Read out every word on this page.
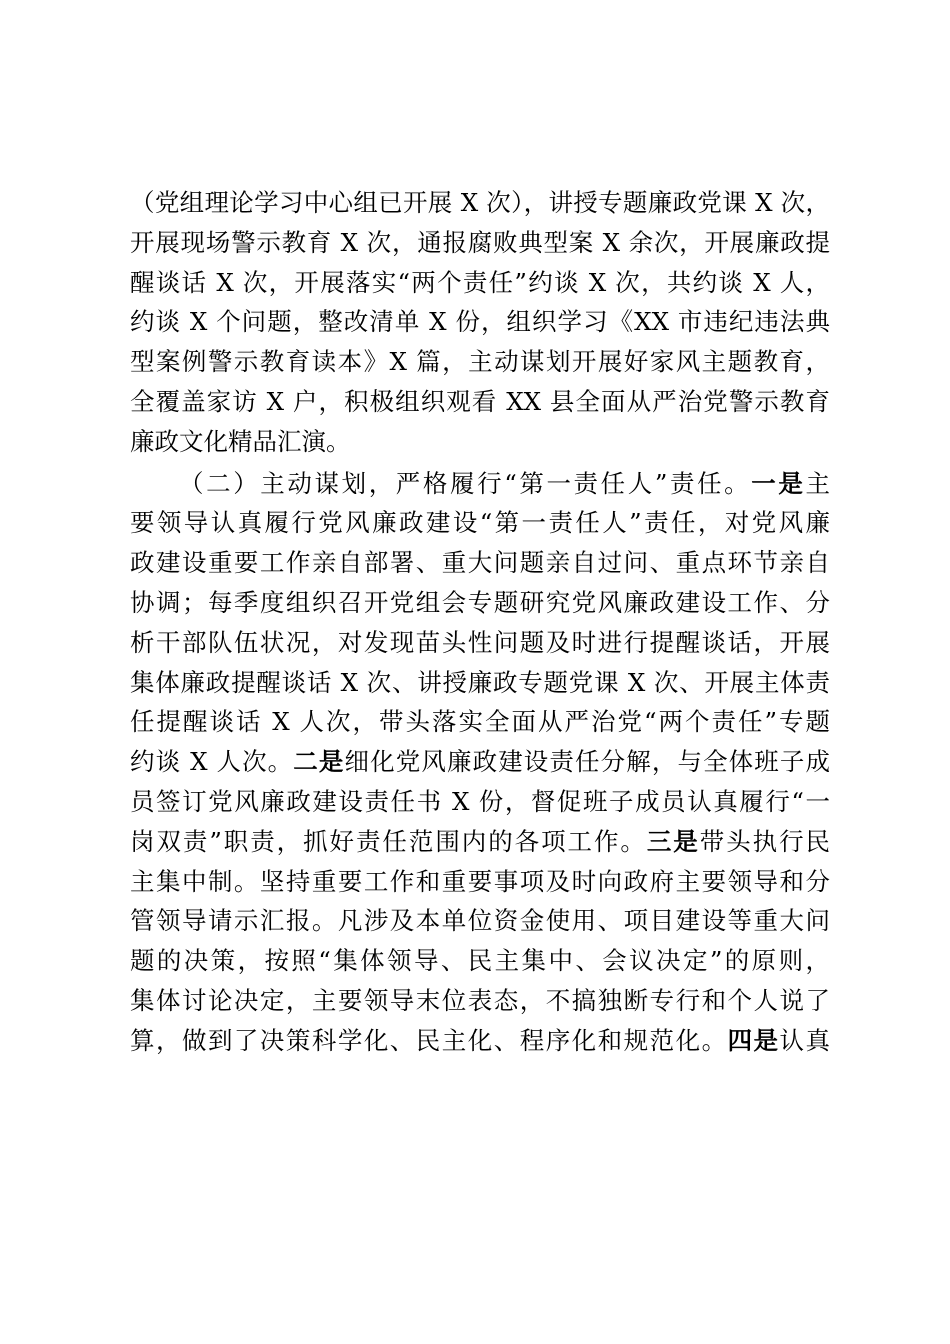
（党组理论学习中心组已开展 X 次），讲授专题廉政党课 X 次，
开展现场警示教育 X 次，通报腐败典型案 X 余次，开展廉政提
醒谈话 X 次，开展落实“两个责任”约谈 X 次，共约谈 X 人，
约谈 X 个问题，整改清单 X 份，组织学习《XX 市违纪违法典
型案例警示教育读本》X 篇，主动谋划开展好家风主题教育，
全覆盖家访 X 户，积极组织观看 XX 县全面从严治党警示教育
廉政文化精品汇演。
（二）主动谋划，严格履行“第一责任人”责任。一是主
要领导认真履行党风廉政建设“第一责任人”责任，对党风廉
政建设重要工作亲自部署、重大问题亲自过问、重点环节亲自
协调；每季度组织召开党组会专题研究党风廉政建设工作、分
析干部队伍状况，对发现苗头性问题及时进行提醒谈话，开展
集体廉政提醒谈话 X 次、讲授廉政专题党课 X 次、开展主体责
任提醒谈话 X 人次，带头落实全面从严治党“两个责任”专题
约谈 X 人次。二是细化党风廉政建设责任分解，与全体班子成
员签订党风廉政建设责任书 X 份，督促班子成员认真履行“一
岗双责”职责，抓好责任范围内的各项工作。三是带头执行民
主集中制。坚持重要工作和重要事项及时向政府主要领导和分
管领导请示汇报。凡涉及本单位资金使用、项目建设等重大问
题的决策，按照“集体领导、民主集中、会议决定”的原则，
集体讨论决定，主要领导末位表态，不搞独断专行和个人说了
算，做到了决策科学化、民主化、程序化和规范化。四是认真
